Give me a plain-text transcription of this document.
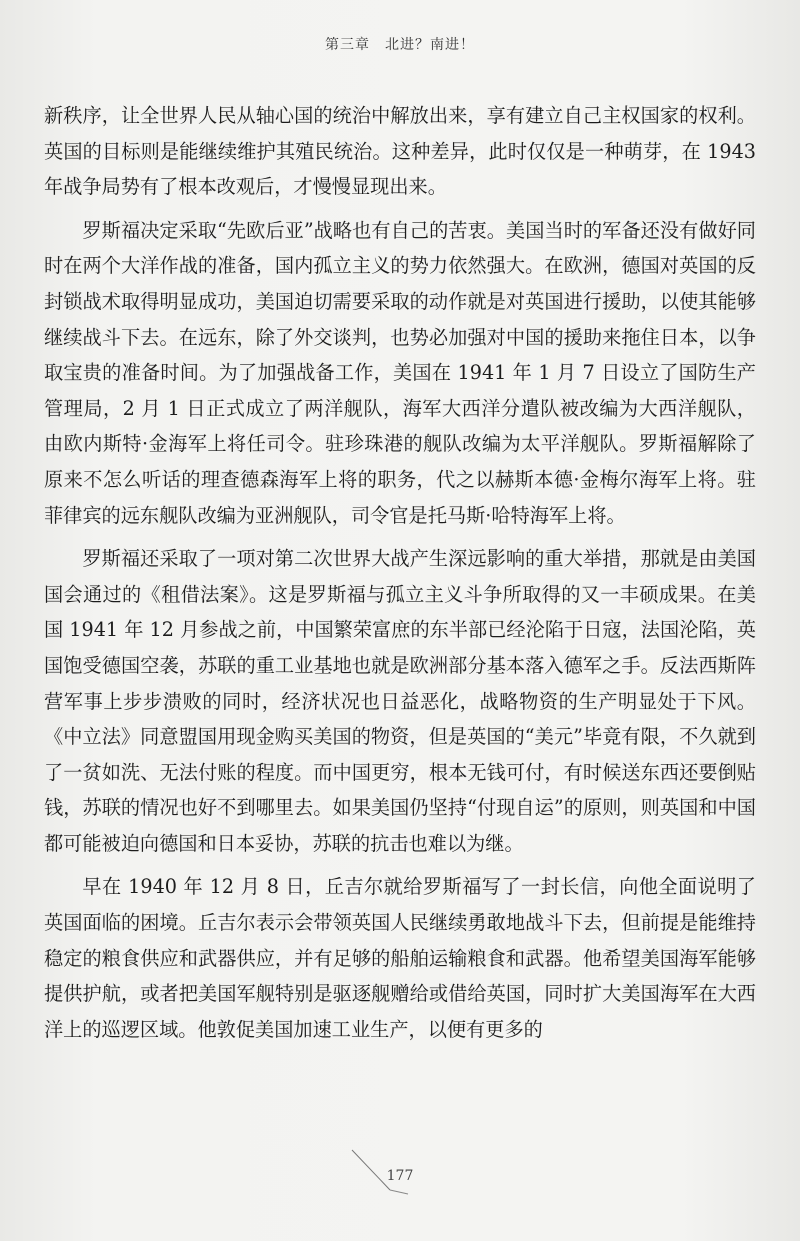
第三章　北进？南进！

新秩序，让全世界人民从轴心国的统治中解放出来，享有建立自己主权国家的权利。英国的目标则是能继续维护其殖民统治。这种差异，此时仅仅是一种萌芽，在 1943 年战争局势有了根本改观后，才慢慢显现出来。

罗斯福决定采取“先欧后亚”战略也有自己的苦衷。美国当时的军备还没有做好同时在两个大洋作战的准备，国内孤立主义的势力依然强大。在欧洲，德国对英国的反封锁战术取得明显成功，美国迫切需要采取的动作就是对英国进行援助，以使其能够继续战斗下去。在远东，除了外交谈判，也势必加强对中国的援助来拖住日本，以争取宝贵的准备时间。为了加强战备工作，美国在 1941 年 1 月 7 日设立了国防生产管理局，2 月 1 日正式成立了两洋舰队，海军大西洋分遣队被改编为大西洋舰队，由欧内斯特·金海军上将任司令。驻珍珠港的舰队改编为太平洋舰队。罗斯福解除了原来不怎么听话的理查德森海军上将的职务，代之以赫斯本德·金梅尔海军上将。驻菲律宾的远东舰队改编为亚洲舰队，司令官是托马斯·哈特海军上将。

罗斯福还采取了一项对第二次世界大战产生深远影响的重大举措，那就是由美国国会通过的《租借法案》。这是罗斯福与孤立主义斗争所取得的又一丰硕成果。在美国 1941 年 12 月参战之前，中国繁荣富庶的东半部已经沦陷于日寇，法国沦陷，英国饱受德国空袭，苏联的重工业基地也就是欧洲部分基本落入德军之手。反法西斯阵营军事上步步溃败的同时，经济状况也日益恶化，战略物资的生产明显处于下风。《中立法》同意盟国用现金购买美国的物资，但是英国的“美元”毕竟有限，不久就到了一贫如洗、无法付账的程度。而中国更穷，根本无钱可付，有时候送东西还要倒贴钱，苏联的情况也好不到哪里去。如果美国仍坚持“付现自运”的原则，则英国和中国都可能被迫向德国和日本妥协，苏联的抗击也难以为继。

早在 1940 年 12 月 8 日，丘吉尔就给罗斯福写了一封长信，向他全面说明了英国面临的困境。丘吉尔表示会带领英国人民继续勇敢地战斗下去，但前提是能维持稳定的粮食供应和武器供应，并有足够的船舶运输粮食和武器。他希望美国海军能够提供护航，或者把美国军舰特别是驱逐舰赠给或借给英国，同时扩大美国海军在大西洋上的巡逻区域。他敦促美国加速工业生产，以便有更多的

177
